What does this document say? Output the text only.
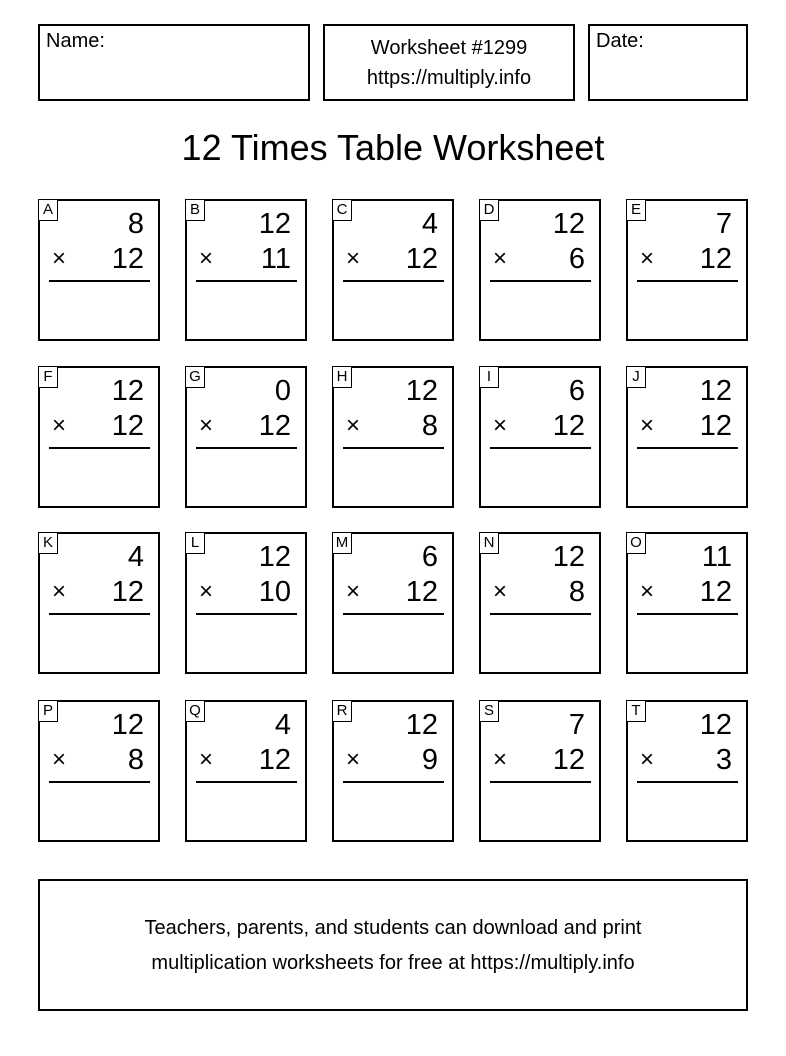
Name:	Worksheet #1299
https://multiply.info
Date:
12 Times Table Worksheet
A	8
× 12
B 12
× 11
C	4
× 12
D 12
× 6
E	7
× 12
F 12
× 12
G	0
× 12
H 12
× 8
I	6
× 12
J 12
× 12
K	4
× 12
L 12
× 10
M	6
× 12
N 12
× 8
O 11
× 12
P 12
× 8
Q	4
× 12
R 12
× 9
S	7
× 12
T 12
× 3
Teachers, parents, and students can download and print
multiplication worksheets for free at https://multiply.info
